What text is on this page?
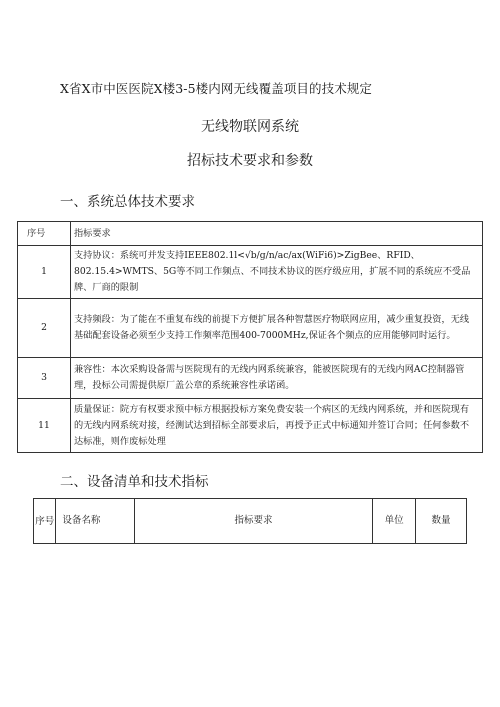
X省X市中医医院X楼3-5楼内网无线覆盖项目的技术规定
无线物联网系统
招标技术要求和参数
一、系统总体技术要求
序号	指标要求
1	支持协议：系统可并发支持IEEE802.1l<√b/g/n/ac/ax(WiFi6)>ZigBee、RFID、802.15.4>WMTS、5G等不同工作频点、不同技术协议的医疗级应用，扩展不同的系统应不受品牌、厂商的限制
2	支持频段：为了能在不重复布线的前提下方便扩展各种智慧医疗物联网应用，减少重复投资，无线基础配套设备必须至少支持工作频率范围400-7000MHz,保证各个频点的应用能够同时运行。
3	兼容性：本次采购设备需与医院现有的无线内网系统兼容，能被医院现有的无线内网AC控制器管理，投标公司需提供原厂盖公章的系统兼容性承诺函。
11	质量保证：院方有权要求预中标方根据投标方案免费安装一个病区的无线内网系统，并和医院现有的无线内网系统对接，经测试达到招标全部要求后，再授予正式中标通知并签订合同；任何参数不达标准，则作废标处理
二、设备清单和技术指标
序号	设备名称	指标要求	单位	数量
